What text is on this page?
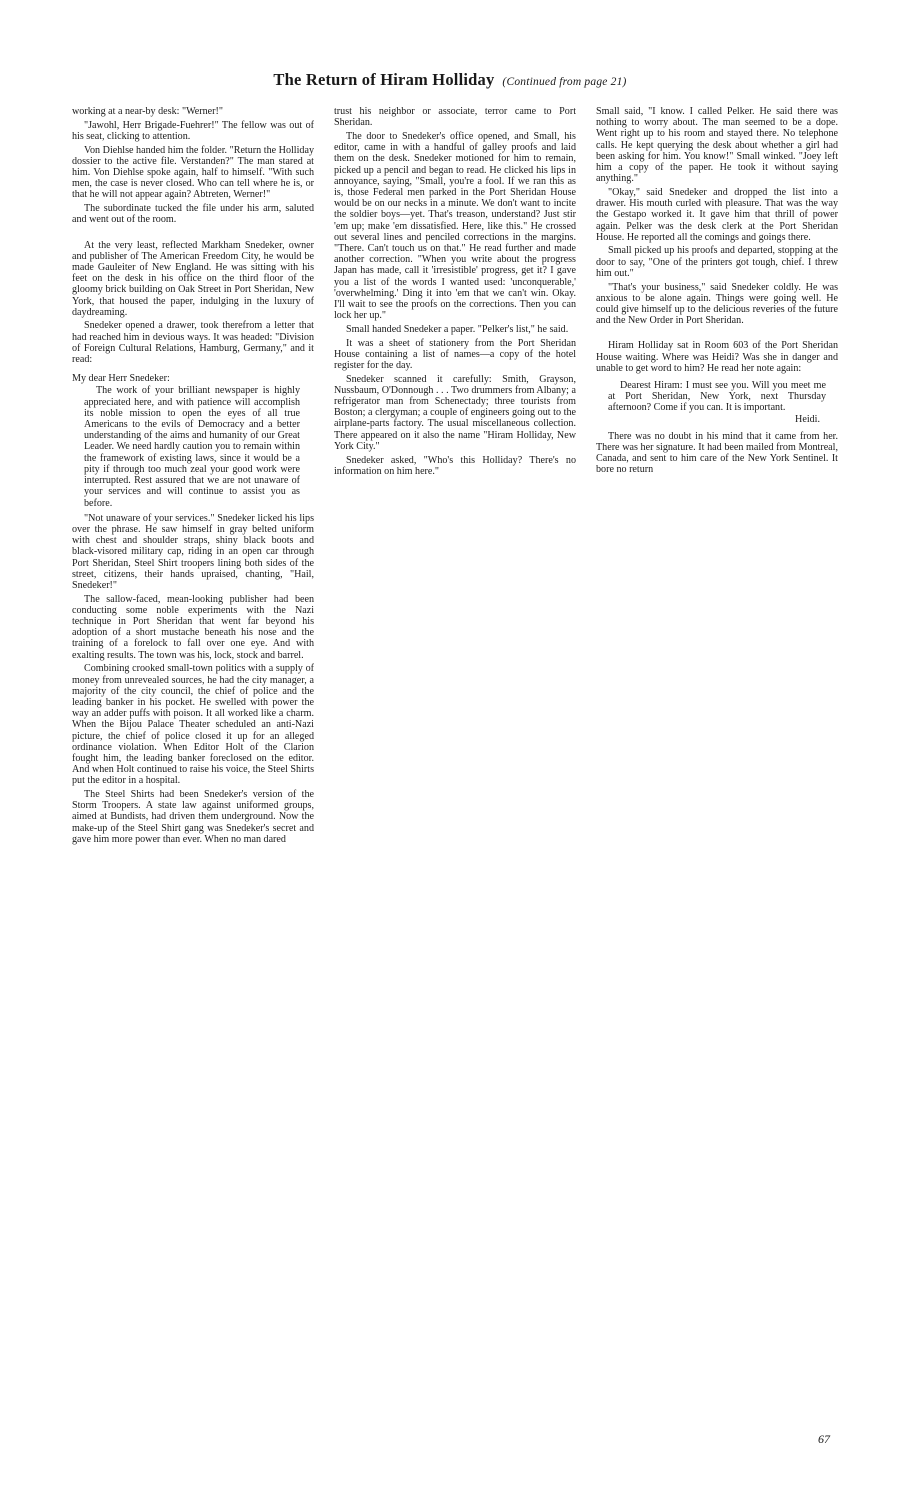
The Return of Hiram Holliday (Continued from page 21)

working at a near-by desk: "Werner!"

"Jawohl, Herr Brigade-Fuehrer!" The fellow was out of his seat, clicking to attention.

Von Diehlse handed him the folder. "Return the Holliday dossier to the active file. Verstanden?" The man stared at him. Von Diehlse spoke again, half to himself. "With such men, the case is never closed. Who can tell where he is, or that he will not appear again? Abtreten, Werner!"

The subordinate tucked the file under his arm, saluted and went out of the room.

At the very least, reflected Markham Snedeker, owner and publisher of The American Freedom City, he would be made Gauleiter of New England. He was sitting with his feet on the desk in his office on the third floor of the gloomy brick building on Oak Street in Port Sheridan, New York, that housed the paper, indulging in the luxury of daydreaming.

Snedeker opened a drawer, took therefrom a letter that had reached him in devious ways. It was headed: "Division of Foreign Cultural Relations, Hamburg, Germany," and it read:

My dear Herr Snedeker:

The work of your brilliant newspaper is highly appreciated here, and with patience will accomplish its noble mission to open the eyes of all true Americans to the evils of Democracy and a better understanding of the aims and humanity of our Great Leader. We need hardly caution you to remain within the framework of existing laws, since it would be a pity if through too much zeal your good work were interrupted. Rest assured that we are not unaware of your services and will continue to assist you as before.

"Not unaware of your services." Snedeker licked his lips over the phrase. He saw himself in gray belted uniform with chest and shoulder straps, shiny black boots and black-visored military cap, riding in an open car through Port Sheridan, Steel Shirt troopers lining both sides of the street, citizens, their hands upraised, chanting, "Hail, Snedeker!"

The sallow-faced, mean-looking publisher had been conducting some noble experiments with the Nazi technique in Port Sheridan that went far beyond his adoption of a short mustache beneath his nose and the training of a forelock to fall over one eye. And with exalting results. The town was his, lock, stock and barrel.

Combining crooked small-town politics with a supply of money from unrevealed sources, he had the city manager, a majority of the city council, the chief of police and the leading banker in his pocket. He swelled with power the way an adder puffs with poison. It all worked like a charm. When the Bijou Palace Theater scheduled an anti-Nazi picture, the chief of police closed it up for an alleged ordinance violation. When Editor Holt of the Clarion fought him, the leading banker foreclosed on the editor. And when Holt continued to raise his voice, the Steel Shirts put the editor in a hospital.

The Steel Shirts had been Snedeker's version of the Storm Troopers. A state law against uniformed groups, aimed at Bundists, had driven them underground. Now the make-up of the Steel Shirt gang was Snedeker's secret and gave him more power than ever. When no man dared

trust his neighbor or associate, terror came to Port Sheridan.

The door to Snedeker's office opened, and Small, his editor, came in with a handful of galley proofs and laid them on the desk. Snedeker motioned for him to remain, picked up a pencil and began to read. He clicked his lips in annoyance, saying, "Small, you're a fool. If we ran this as is, those Federal men parked in the Port Sheridan House would be on our necks in a minute. We don't want to incite the soldier boys—yet. That's treason, understand? Just stir 'em up; make 'em dissatisfied. Here, like this." He crossed out several lines and penciled corrections in the margins. "There. Can't touch us on that." He read further and made another correction. "When you write about the progress Japan has made, call it 'irresistible' progress, get it? I gave you a list of the words I wanted used: 'unconquerable,' 'overwhelming.' Ding it into 'em that we can't win. Okay. I'll wait to see the proofs on the corrections. Then you can lock her up."

Small handed Snedeker a paper. "Pelker's list," he said.

It was a sheet of stationery from the Port Sheridan House containing a list of names—a copy of the hotel register for the day.

Snedeker scanned it carefully: Smith, Grayson, Nussbaum, O'Donnough . . . Two drummers from Albany; a refrigerator man from Schenectady; three tourists from Boston; a clergyman; a couple of engineers going out to the airplane-parts factory. The usual miscellaneous collection. There appeared on it also the name "Hiram Holliday, New York City."

Snedeker asked, "Who's this Holliday? There's no information on him here."

Small said, "I know. I called Pelker. He said there was nothing to worry about. The man seemed to be a dope. Went right up to his room and stayed there. No telephone calls. He kept querying the desk about whether a girl had been asking for him. You know!" Small winked. "Joey left him a copy of the paper. He took it without saying anything."

"Okay," said Snedeker and dropped the list into a drawer. His mouth curled with pleasure. That was the way the Gestapo worked it. It gave him that thrill of power again. Pelker was the desk clerk at the Port Sheridan House. He reported all the comings and goings there.

Small picked up his proofs and departed, stopping at the door to say, "One of the printers got tough, chief. I threw him out."

"That's your business," said Snedeker coldly. He was anxious to be alone again. Things were going well. He could give himself up to the delicious reveries of the future and the New Order in Port Sheridan.

Hiram Holliday sat in Room 603 of the Port Sheridan House waiting. Where was Heidi? Was she in danger and unable to get word to him? He read her note again:

Dearest Hiram: I must see you. Will you meet me at Port Sheridan, New York, next Thursday afternoon? Come if you can. It is important.

Heidi.

There was no doubt in his mind that it came from her. There was her signature. It had been mailed from Montreal, Canada, and sent to him care of the New York Sentinel. It bore no return

67
